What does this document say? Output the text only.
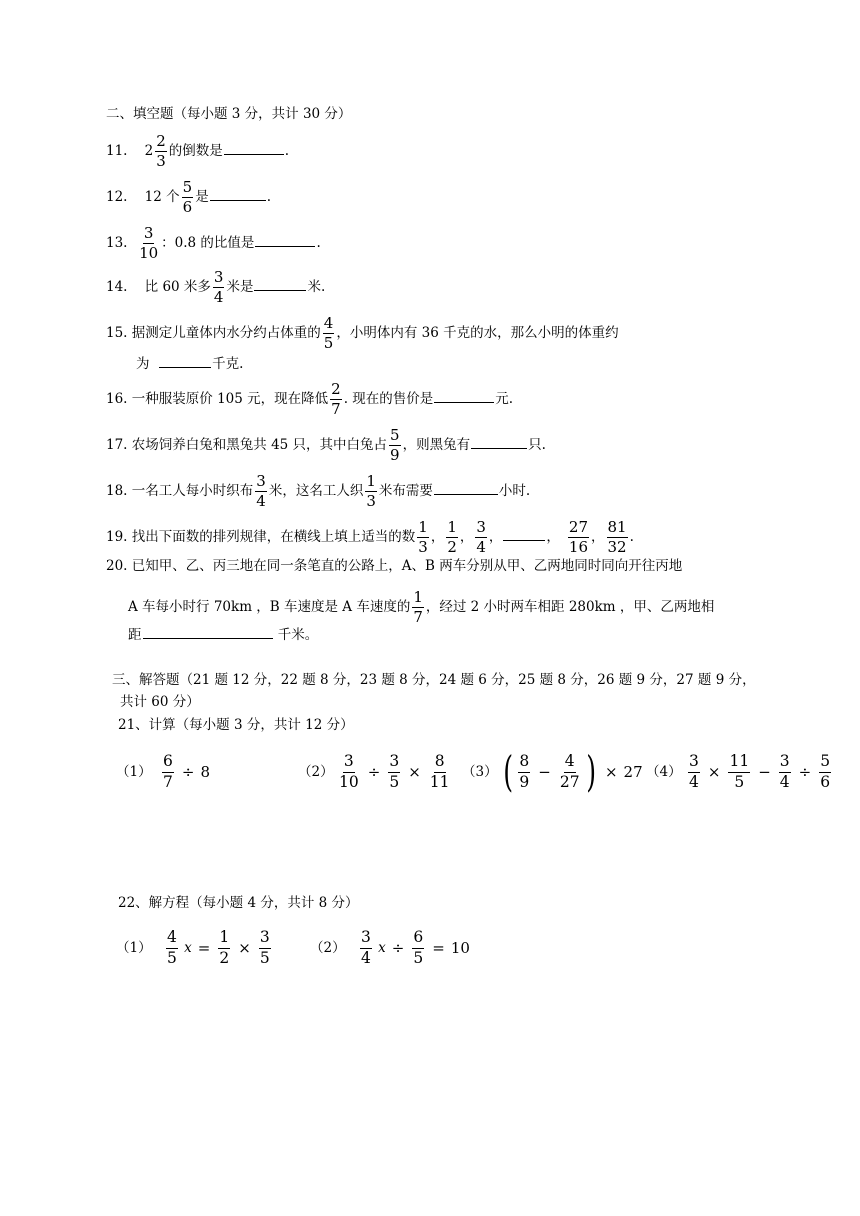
二、填空题（每小题 3 分，共计 30 分）
11. $2 \frac{2}{3}$ 的倒数是	.
12. 12 个 $\frac{5}{6}$ 是	.
13. $\frac{3}{10}$ ：0.8 的比值是	.
14. 比 60 米多 $\frac{3}{4}$ 米是	米.
15. 据测定儿童体内水分约占体重的 $\frac{4}{5}$ ，小明体内有 36 千克的水，那么小明的体重约
为	千克.
16. 一种服装原价 105 元，现在降低 $\frac{2}{7}$ . 现在的售价是	元.
17. 农场饲养白兔和黑兔共 45 只，其中白兔占 $\frac{5}{9}$ ，则黑兔有	只.
18. 一名工人每小时织布 $\frac{3}{4}$ 米，这名工人织 $\frac{1}{3}$ 米布需要	小时.
19. 找出下面数的排列规律，在横线上填上适当的数 $\frac{1}{3}$ ， $\frac{1}{2}$ ， $\frac{3}{4}$ ，	， $\frac{27}{16}$ ， $\frac{81}{32}$ .
20. 已知甲、乙、丙三地在同一条笔直的公路上，A、B 两车分别从甲、乙两地同时同向开往丙地
A 车每小时行 70km ，B 车速度是 A 车速度的 $\frac{1}{7}$ ，经过 2 小时两车相距 280km ，甲、乙两地相
距	千米。
三、解答题（21 题 12 分，22 题 8 分，23 题 8 分，24 题 6 分，25 题 8 分，26 题 9 分，27 题 9 分，
共计 60 分）
21、计算（每小题 3 分，共计 12 分）
$(1) \frac{6}{7} \div 8$	$(2) \frac{3}{10} \div \frac{3}{5} \times \frac{8}{11} (3)$ ( $\frac{8}{9} - \frac{4}{27}$ ) × 27 $(4) \frac{3}{4} \times \frac{11}{5} - \frac{3}{4} \div \frac{5}{6}$
22、解方程（每小题 4 分，共计 8 分）
$(1) \frac{4}{5}$
$x = \frac{1}{2} \times \frac{3}{5}$	$(2) \frac{3}{4}$
$x \div \frac{6}{5} = 10$
